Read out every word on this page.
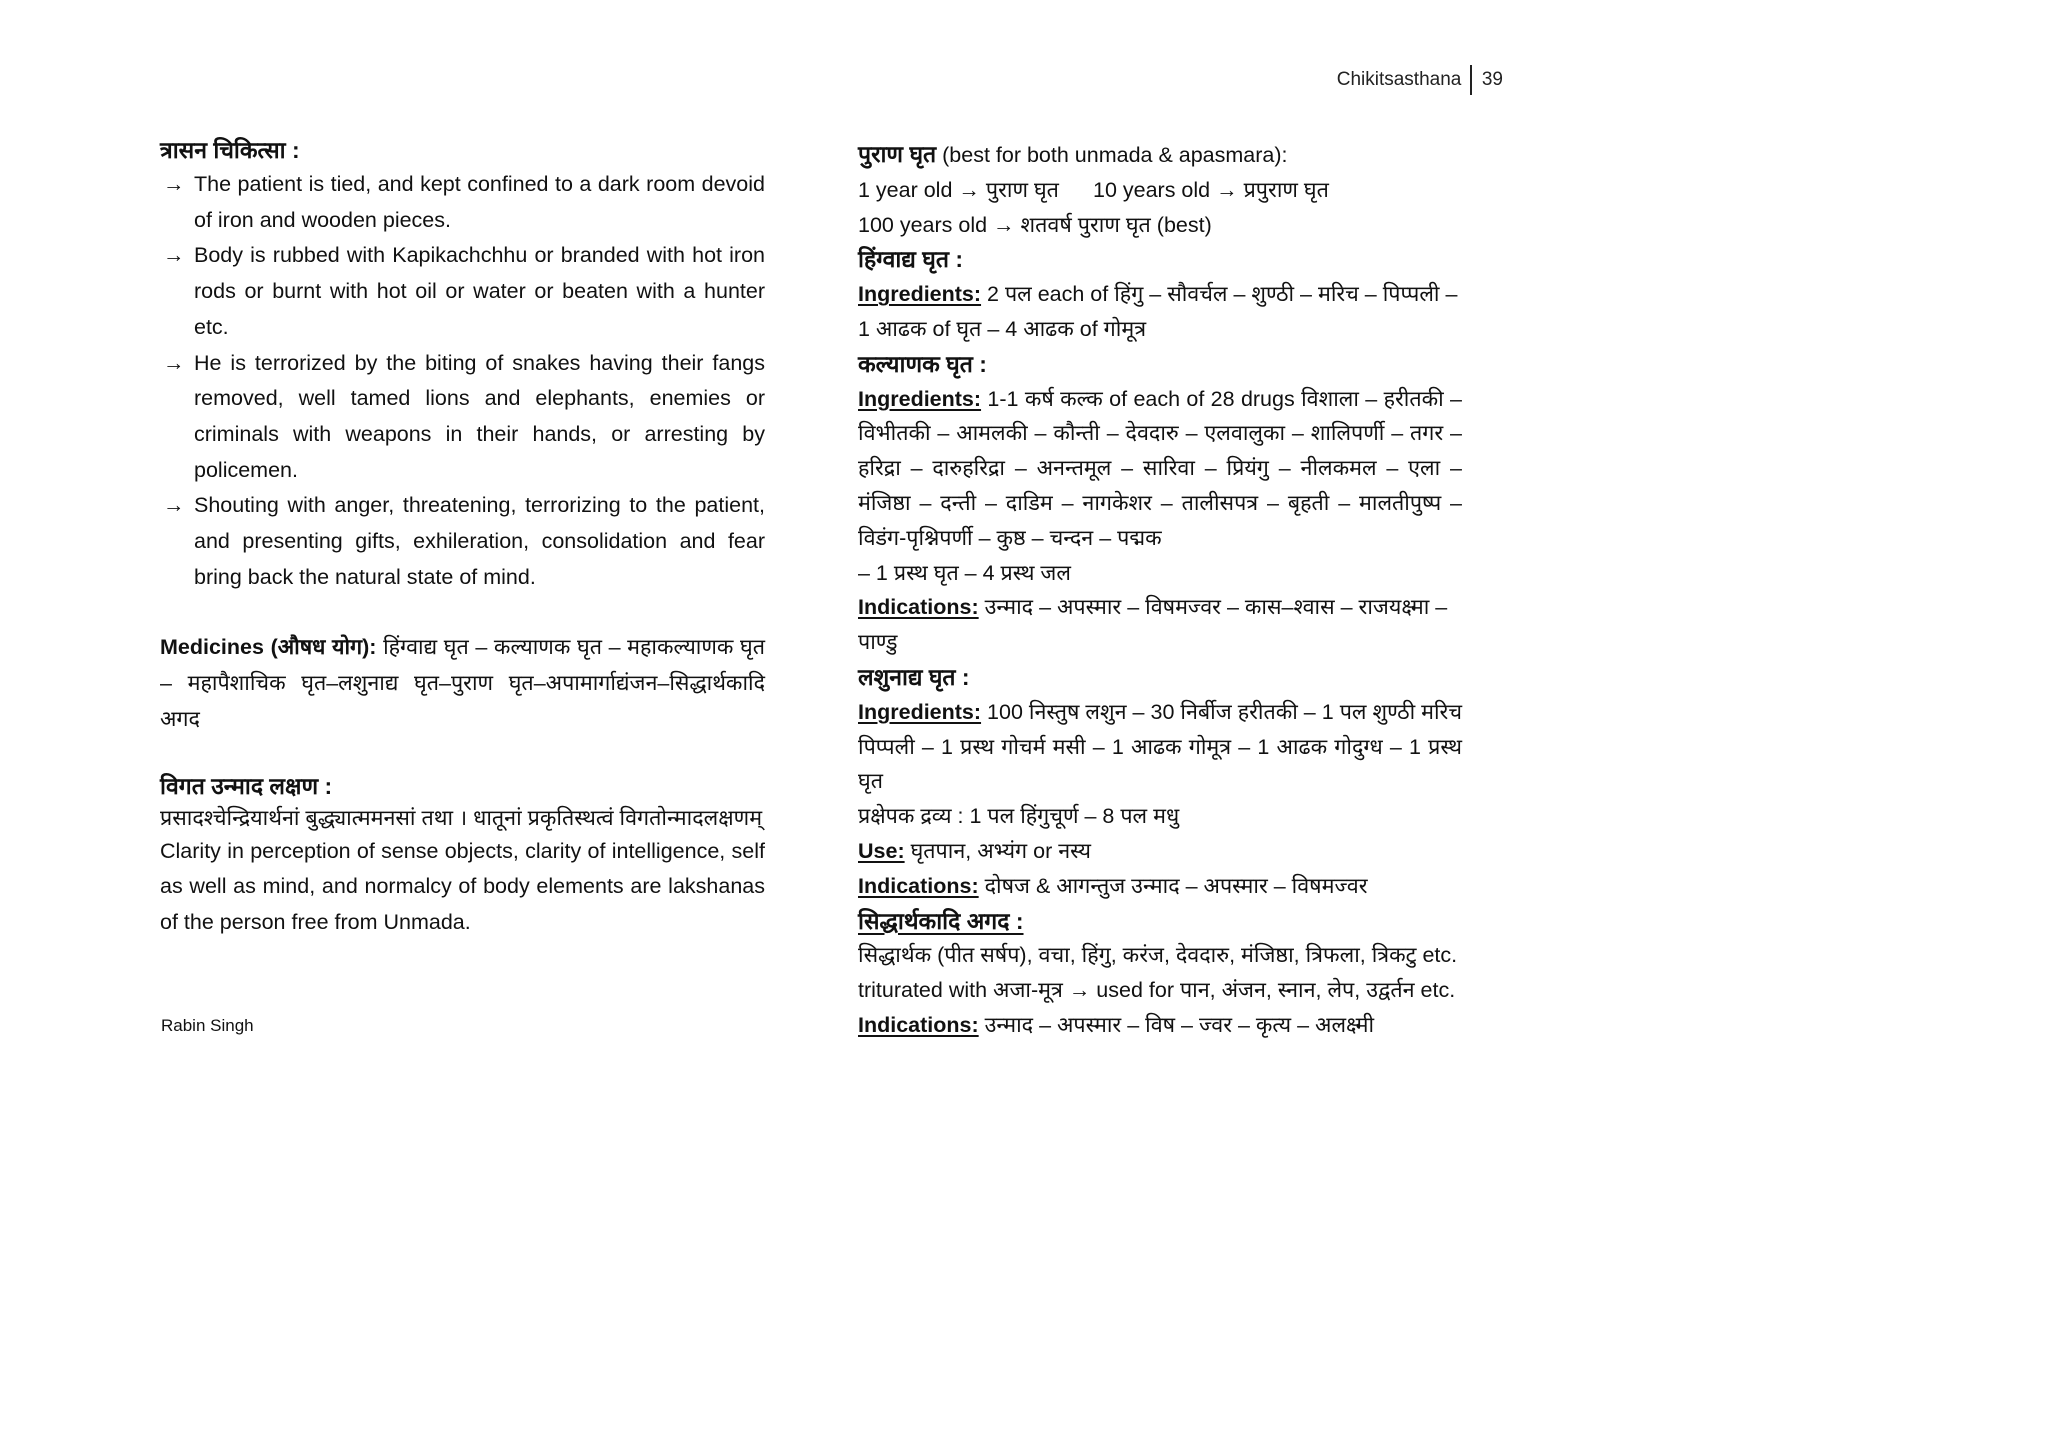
Chikitsasthana 39

त्रासन चिकित्सा :

→ The patient is tied, and kept confined to a dark room devoid of iron and wooden pieces.
→ Body is rubbed with Kapikachchhu or branded with hot iron rods or burnt with hot oil or water or beaten with a hunter etc.
→ He is terrorized by the biting of snakes having their fangs removed, well tamed lions and elephants, enemies or criminals with weapons in their hands, or arresting by policemen.
→ Shouting with anger, threatening, terrorizing to the patient, and presenting gifts, exhileration, consolidation and fear bring back the natural state of mind.

Medicines (औषध योग): हिंग्वाद्य घृत – कल्याणक घृत – महाकल्याणक घृत – महापैशाचिक घृत–लशुनाद्य घृत–पुराण घृत–अपामार्गाद्यंजन–सिद्धार्थकादि अगद

विगत उन्माद लक्षण :

प्रसादश्चेन्द्रियार्थनां बुद्ध्यात्ममनसां तथा । धातूनां प्रकृतिस्थत्वं विगतोन्मादलक्षणम्

Clarity in perception of sense objects, clarity of intelligence, self as well as mind, and normalcy of body elements are lakshanas of the person free from Unmada.

पुराण घृत (best for both unmada & apasmara):

1 year old → पुराण घृत 10 years old → प्रपुराण घृत

100 years old → शतवर्ष पुराण घृत (best)

हिंग्वाद्य घृत :

Ingredients: 2 पल each of हिंगु – सौवर्चल – शुण्ठी – मरिच – पिप्पली – 1 आढक of घृत – 4 आढक of गोमूत्र

कल्याणक घृत :

Ingredients: 1-1 कर्ष कल्क of each of 28 drugs विशाला – हरीतकी – विभीतकी – आमलकी – कौन्ती – देवदारु – एलवालुका – शालिपर्णी – तगर – हरिद्रा – दारुहरिद्रा – अनन्तमूल – सारिवा – प्रियंगु – नीलकमल – एला – मंजिष्ठा – दन्ती – दाडिम – नागकेशर – तालीसपत्र – बृहती – मालतीपुष्प – विडंग-पृश्निपर्णी – कुष्ठ – चन्दन – पद्मक

– 1 प्रस्थ घृत – 4 प्रस्थ जल

Indications: उन्माद – अपस्मार – विषमज्वर – कास–श्वास – राजयक्ष्मा – पाण्डु

लशुनाद्य घृत :

Ingredients: 100 निस्तुष लशुन – 30 निर्बीज हरीतकी – 1 पल शुण्ठी मरिच पिप्पली – 1 प्रस्थ गोचर्म मसी – 1 आढक गोमूत्र – 1 आढक गोदुग्ध – 1 प्रस्थ घृत

प्रक्षेपक द्रव्य : 1 पल हिंगुचूर्ण – 8 पल मधु

Use: घृतपान, अभ्यंग or नस्य

Indications: दोषज & आगन्तुज उन्माद – अपस्मार – विषमज्वर

सिद्धार्थकादि अगद :

सिद्धार्थक (पीत सर्षप), वचा, हिंगु, करंज, देवदारु, मंजिष्ठा, त्रिफला, त्रिकटु etc. triturated with अजा-मूत्र → used for पान, अंजन, स्नान, लेप, उद्वर्तन etc.

Indications: उन्माद – अपस्मार – विष – ज्वर – कृत्य – अलक्ष्मी

Rabin Singh
